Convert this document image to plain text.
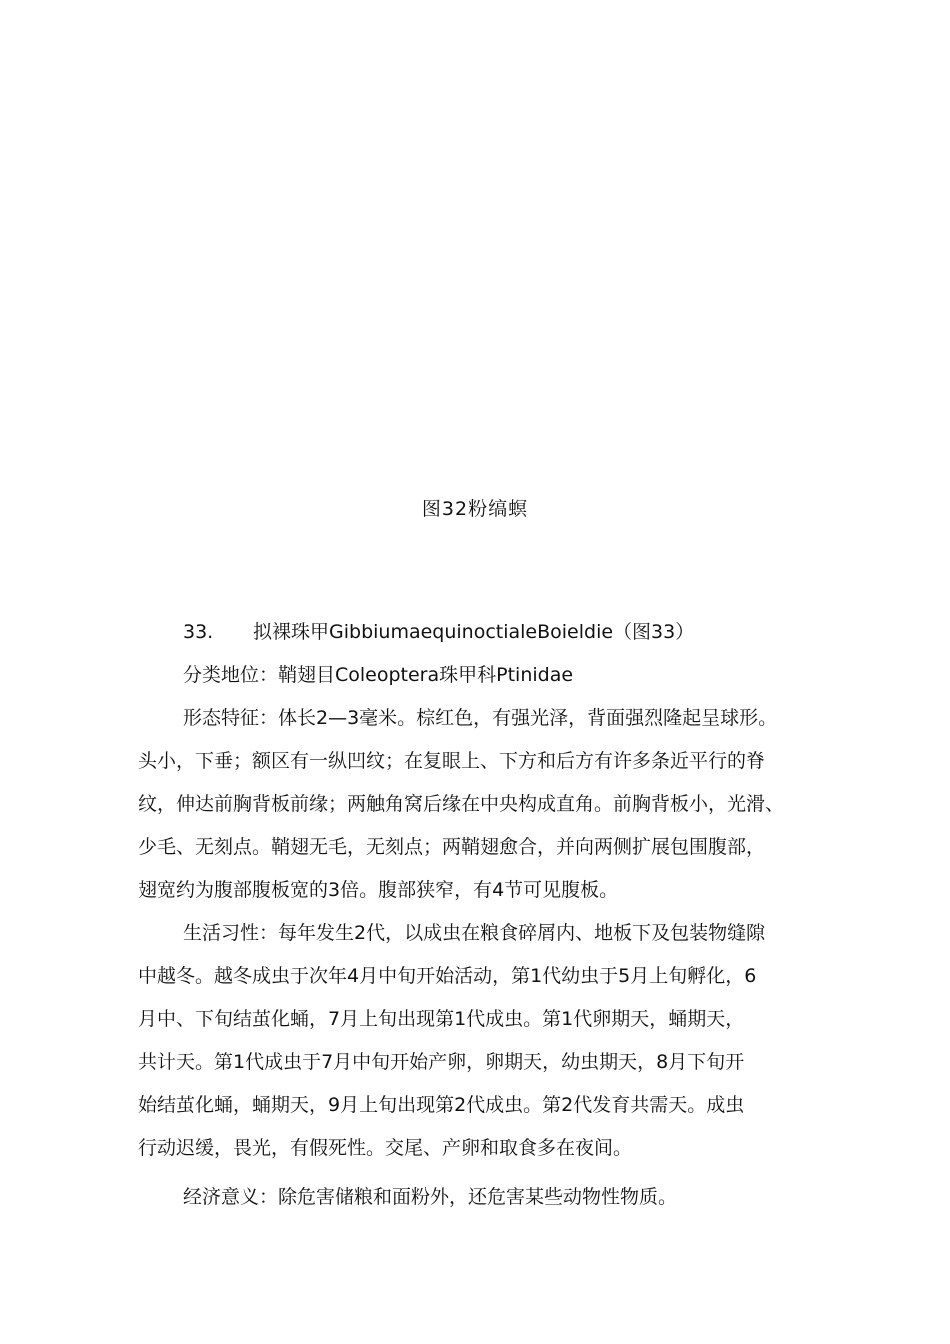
图32粉缟螟
33. 拟裸珠甲GibbiumaequinoctialeBoieldie（图33）
分类地位：鞘翅目Coleoptera珠甲科Ptinidae
形态特征：体长2—3毫米。棕红色，有强光泽，背面强烈隆起呈球形。
头小，下垂；额区有一纵凹纹；在复眼上、下方和后方有许多条近平行的脊
纹，伸达前胸背板前缘；两触角窝后缘在中央构成直角。前胸背板小，光滑、
少毛、无刻点。鞘翅无毛，无刻点；两鞘翅愈合，并向两侧扩展包围腹部，
翅宽约为腹部腹板宽的3倍。腹部狭窄，有4节可见腹板。
生活习性：每年发生2代，以成虫在粮食碎屑内、地板下及包装物缝隙
中越冬。越冬成虫于次年4月中旬开始活动，第1代幼虫于5月上旬孵化，6
月中、下旬结茧化蛹，7月上旬出现第1代成虫。第1代卵期天，蛹期天，
共计天。第1代成虫于7月中旬开始产卵，卵期天，幼虫期天，8月下旬开
始结茧化蛹，蛹期天，9月上旬出现第2代成虫。第2代发育共需天。成虫
行动迟缓，畏光，有假死性。交尾、产卵和取食多在夜间。
经济意义：除危害储粮和面粉外，还危害某些动物性物质。
